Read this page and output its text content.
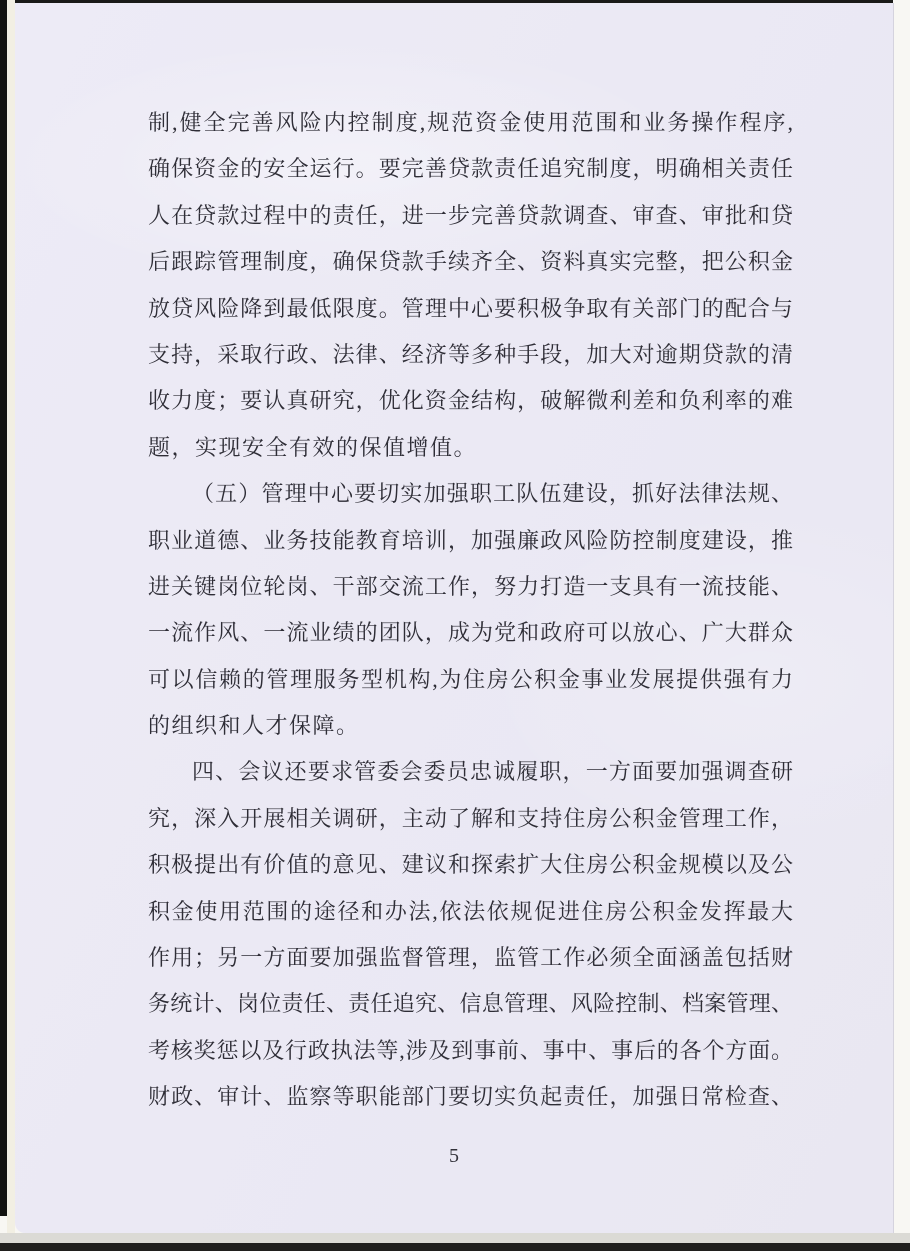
制,健全完善风险内控制度,规范资金使用范围和业务操作程序,
确保资金的安全运行。要完善贷款责任追究制度，明确相关责任
人在贷款过程中的责任，进一步完善贷款调查、审查、审批和贷
后跟踪管理制度，确保贷款手续齐全、资料真实完整，把公积金
放贷风险降到最低限度。管理中心要积极争取有关部门的配合与
支持，采取行政、法律、经济等多种手段，加大对逾期贷款的清
收力度；要认真研究，优化资金结构，破解微利差和负利率的难
题，实现安全有效的保值增值。
（五）管理中心要切实加强职工队伍建设，抓好法律法规、
职业道德、业务技能教育培训，加强廉政风险防控制度建设，推
进关键岗位轮岗、干部交流工作，努力打造一支具有一流技能、
一流作风、一流业绩的团队，成为党和政府可以放心、广大群众
可以信赖的管理服务型机构,为住房公积金事业发展提供强有力
的组织和人才保障。
四、会议还要求管委会委员忠诚履职，一方面要加强调查研
究，深入开展相关调研，主动了解和支持住房公积金管理工作，
积极提出有价值的意见、建议和探索扩大住房公积金规模以及公
积金使用范围的途径和办法,依法依规促进住房公积金发挥最大
作用；另一方面要加强监督管理，监管工作必须全面涵盖包括财
务统计、岗位责任、责任追究、信息管理、风险控制、档案管理、
考核奖惩以及行政执法等,涉及到事前、事中、事后的各个方面。
财政、审计、监察等职能部门要切实负起责任，加强日常检查、
5
